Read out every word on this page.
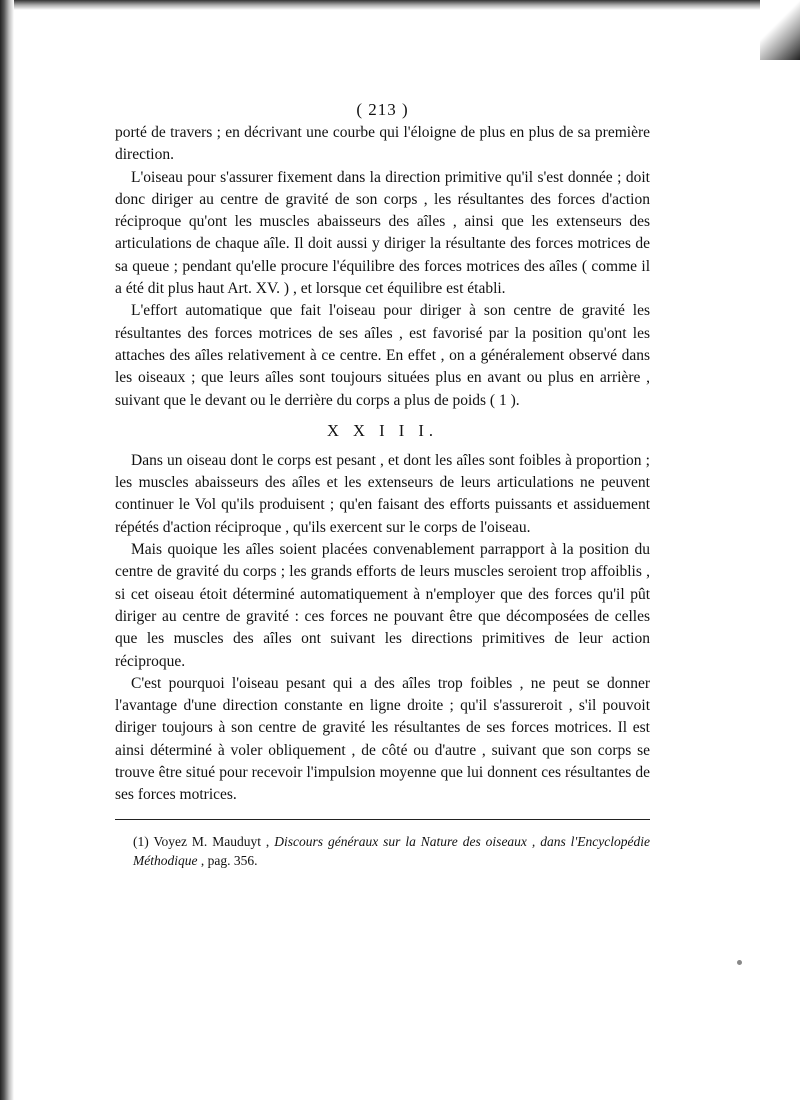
( 213 )

porté de travers ; en décrivant une courbe qui l'éloigne de plus en plus de sa première direction.

L'oiseau pour s'assurer fixement dans la direction primitive qu'il s'est donnée ; doit donc diriger au centre de gravité de son corps , les résultantes des forces d'action réciproque qu'ont les muscles abaisseurs des aîles , ainsi que les extenseurs des articulations de chaque aîle. Il doit aussi y diriger la résultante des forces motrices de sa queue ; pendant qu'elle procure l'équilibre des forces motrices des aîles ( comme il a été dit plus haut Art. XV. ) , et lorsque cet équilibre est établi.

L'effort automatique que fait l'oiseau pour diriger à son centre de gravité les résultantes des forces motrices de ses aîles , est favorisé par la position qu'ont les attaches des aîles relativement à ce centre. En effet , on a généralement observé dans les oiseaux ; que leurs aîles sont toujours situées plus en avant ou plus en arrière , suivant que le devant ou le derrière du corps a plus de poids ( 1 ).

X X I I I.

Dans un oiseau dont le corps est pesant , et dont les aîles sont foibles à proportion ; les muscles abaisseurs des aîles et les extenseurs de leurs articulations ne peuvent continuer le Vol qu'ils produisent ; qu'en faisant des efforts puissants et assiduement répétés d'action réciproque , qu'ils exercent sur le corps de l'oiseau.

Mais quoique les aîles soient placées convenablement parrapport à la position du centre de gravité du corps ; les grands efforts de leurs muscles seroient trop affoiblis , si cet oiseau étoit déterminé automatiquement à n'employer que des forces qu'il pût diriger au centre de gravité : ces forces ne pouvant être que décomposées de celles que les muscles des aîles ont suivant les directions primitives de leur action réciproque.

C'est pourquoi l'oiseau pesant qui a des aîles trop foibles , ne peut se donner l'avantage d'une direction constante en ligne droite ; qu'il s'assureroit , s'il pouvoit diriger toujours à son centre de gravité les résultantes de ses forces motrices. Il est ainsi déterminé à voler obliquement , de côté ou d'autre , suivant que son corps se trouve être situé pour recevoir l'impulsion moyenne que lui donnent ces résultantes de ses forces motrices.

(1) Voyez M. Mauduyt , Discours généraux sur la Nature des oiseaux , dans l'Encyclopédie Méthodique , pag. 356.
